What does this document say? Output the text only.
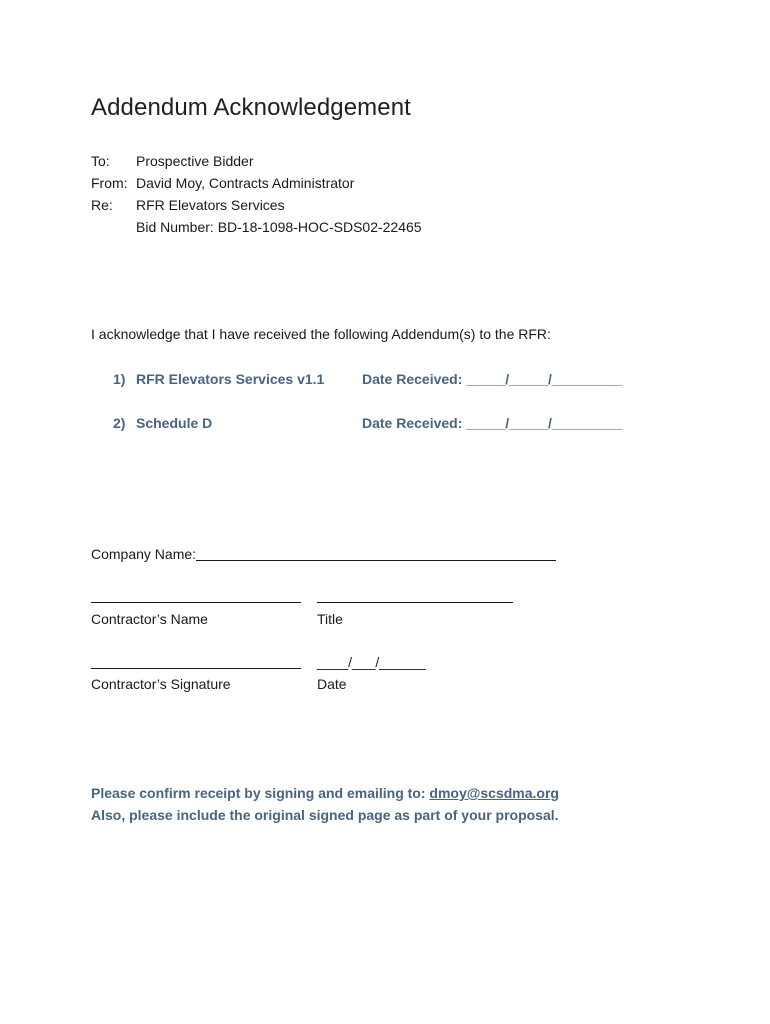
Addendum Acknowledgement
To: Prospective Bidder
From: David Moy, Contracts Administrator
Re: RFR Elevators Services
Bid Number: BD-18-1098-HOC-SDS02-22465
I acknowledge that I have received the following Addendum(s) to the RFR:
1) RFR Elevators Services v1.1	Date Received: _____/_____/_________
2) Schedule D	Date Received: _____/_____/_________
Company Name:
Contractor’s Name	Title
____/___/______
Contractor’s Signature	Date
Please confirm receipt by signing and emailing to: dmoy@scsdma.org
Also, please include the original signed page as part of your proposal.
